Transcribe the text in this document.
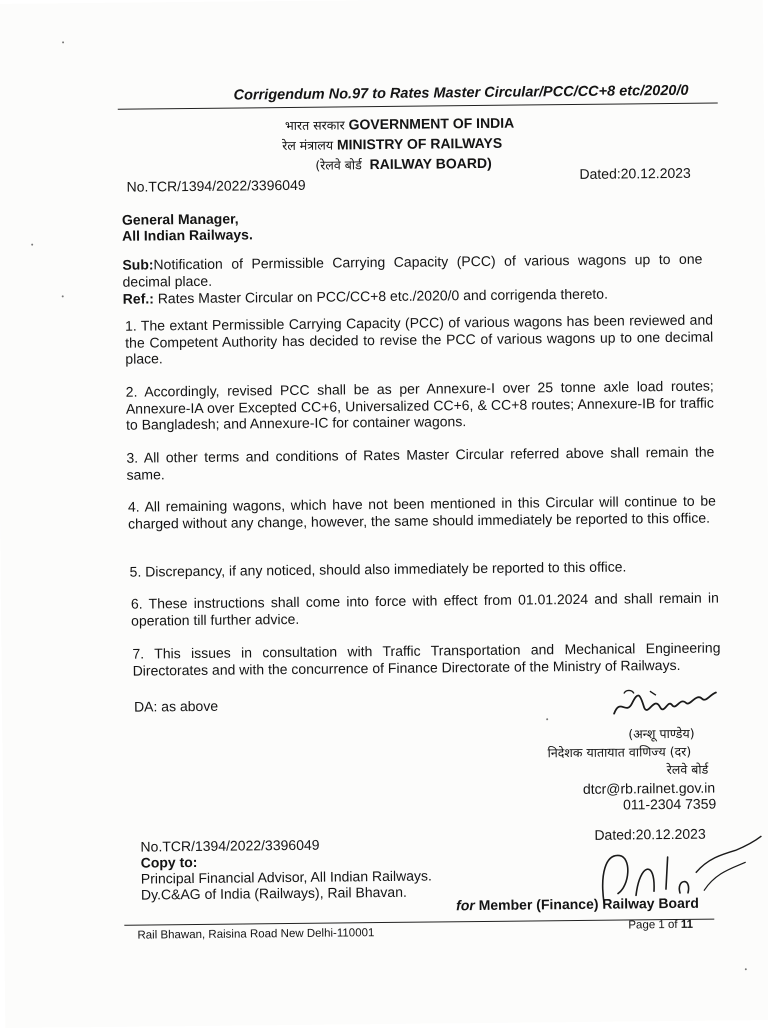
Corrigendum No.97 to Rates Master Circular/PCC/CC+8 etc/2020/0
भारत सरकार GOVERNMENT OF INDIA
रेल मंत्रालय MINISTRY OF RAILWAYS
(रेलवे बोर्ड RAILWAY BOARD)
No.TCR/1394/2022/3396049
Dated:20.12.2023
General Manager,
All Indian Railways.
Sub:Notification of Permissible Carrying Capacity (PCC) of various wagons up to one decimal place.
Ref.: Rates Master Circular on PCC/CC+8 etc./2020/0 and corrigenda thereto.
1. The extant Permissible Carrying Capacity (PCC) of various wagons has been reviewed and the Competent Authority has decided to revise the PCC of various wagons up to one decimal place.
2. Accordingly, revised PCC shall be as per Annexure-I over 25 tonne axle load routes; Annexure-IA over Excepted CC+6, Universalized CC+6, & CC+8 routes; Annexure-IB for traffic to Bangladesh; and Annexure-IC for container wagons.
3. All other terms and conditions of Rates Master Circular referred above shall remain the same.
4. All remaining wagons, which have not been mentioned in this Circular will continue to be charged without any change, however, the same should immediately be reported to this office.
5. Discrepancy, if any noticed, should also immediately be reported to this office.
6. These instructions shall come into force with effect from 01.01.2024 and shall remain in operation till further advice.
7. This issues in consultation with Traffic Transportation and Mechanical Engineering Directorates and with the concurrence of Finance Directorate of the Ministry of Railways.
DA: as above
(अन्शू पाण्डेय)
निदेशक यातायात वाणिज्य (दर)
रेलवे बोर्ड
dtcr@rb.railnet.gov.in
011-2304 7359
No.TCR/1394/2022/3396049
Dated:20.12.2023
Copy to:
Principal Financial Advisor, All Indian Railways.
Dy.C&AG of India (Railways), Rail Bhavan.
for Member (Finance) Railway Board
Rail Bhawan, Raisina Road New Delhi-110001
Page 1 of 11
